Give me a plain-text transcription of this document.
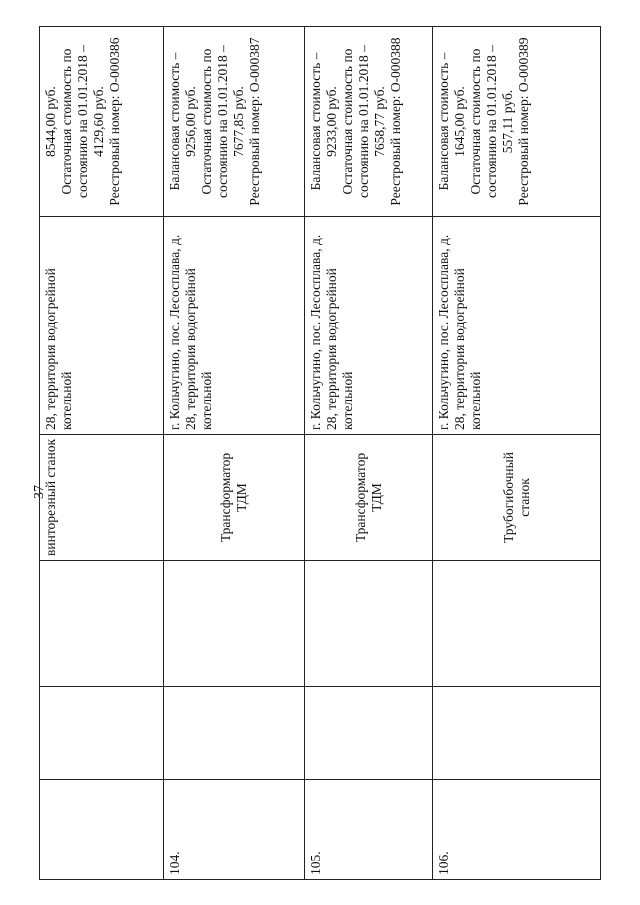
37
			винторезный станок	28, территория водогрейной котельной	8544,00 руб. Остаточная стоимость по состоянию на 01.01.2018 – 4129,60 руб. Реестровый номер: О-000386

104.			Трансформатор ТДМ	г. Кольчугино, пос. Лесосплава, д. 28, территория водогрейной котельной	Балансовая стоимость – 9256,00 руб. Остаточная стоимость по состоянию на 01.01.2018 – 7677,85 руб. Реестровый номер: О-000387

105.			Трансформатор ТДМ	г. Кольчугино, пос. Лесосплава, д. 28, территория водогрейной котельной	Балансовая стоимость – 9233,00 руб. Остаточная стоимость по состоянию на 01.01.2018 – 7658,77 руб. Реестровый номер: О-000388

106.			Трубогибочный станок	г. Кольчугино, пос. Лесосплава, д. 28, территория водогрейной котельной	Балансовая стоимость – 1645,00 руб. Остаточная стоимость по состоянию на 01.01.2018 – 557,11 руб. Реестровый номер: О-000389
